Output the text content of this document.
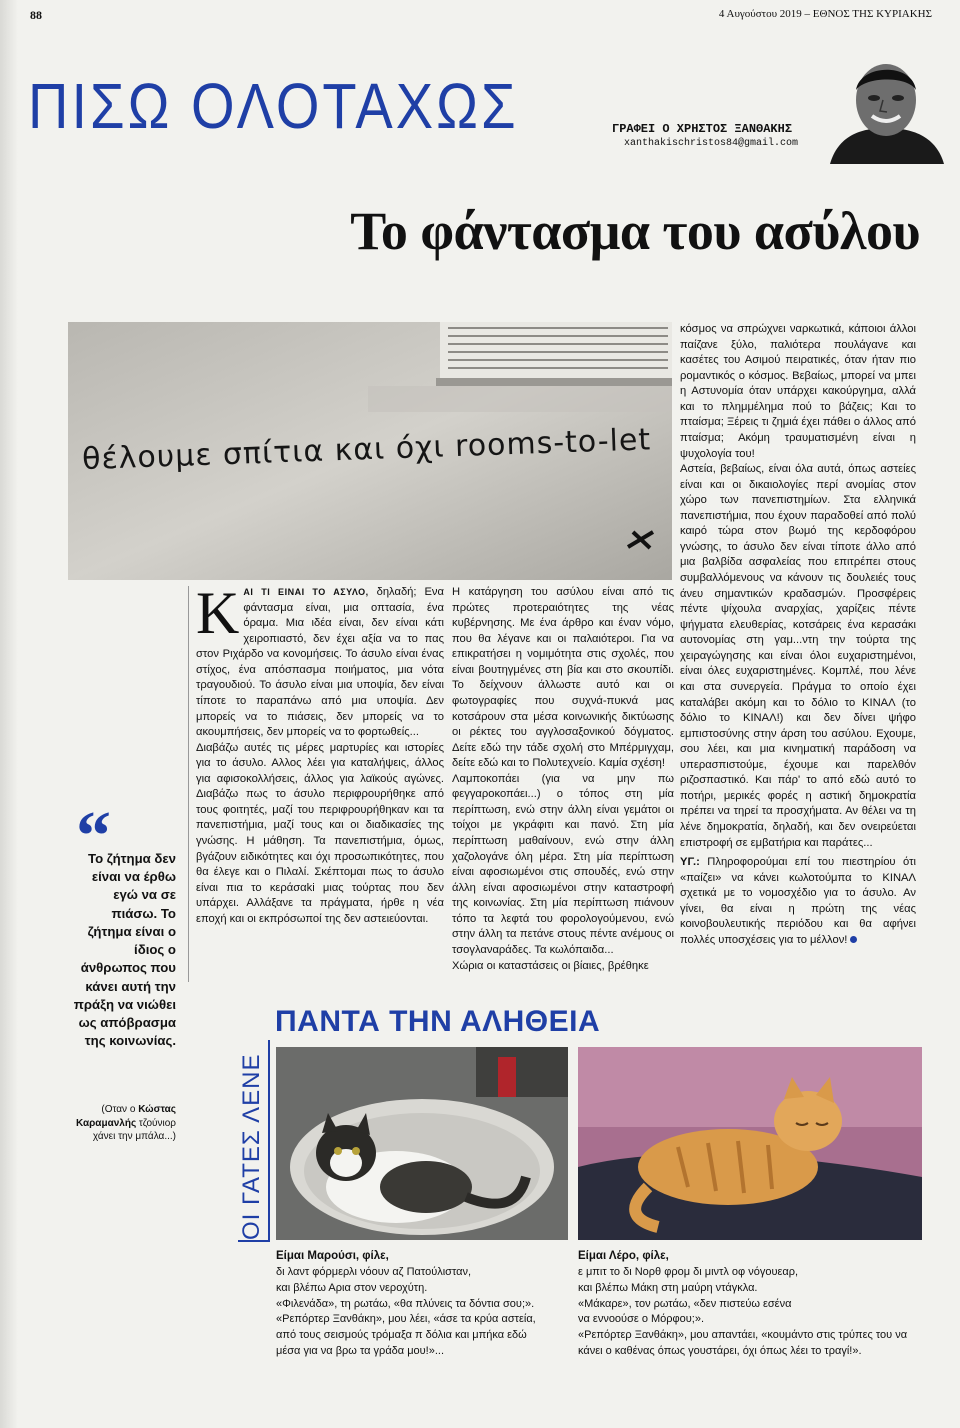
88	4 Αυγούστου 2019 – ΕΘΝΟΣ ΤΗΣ ΚΥΡΙΑΚΗΣ
ΠΙΣΩ ΟΛΟΤΑΧΩΣ	ΓΡΑΦΕΙ Ο ΧΡΗΣΤΟΣ ΞΑΝΘΑΚΗΣ
xanthakischristos84@gmail.com
Το φάντασμα του ασύλου
θέλουμε σπίτια και όχι rooms-to-let
“
Το ζήτημα δεν είναι να έρθω εγώ να σε πιάσω. Το ζήτημα είναι ο ίδιος ο άνθρωπος που κάνει αυτή την πράξη να νιώθει ως απόβρασμα της κοινωνίας.
(Οταν ο Κώστας Καραμανλής τζούνιορ χάνει την μπάλα...)

ΚΑΙ ΤΙ ΕΙΝΑΙ ΤΟ ΑΣΥΛΟ, δηλαδή; Ενα φάντασμα είναι, μια οπτασία, ένα όραμα. Μια ιδέα είναι, δεν είναι κάτι χειροπιαστό, δεν έχει αξία να το πας στον Ριχάρδο να κονομήσεις. Το άσυλο είναι ένας στίχος, ένα απόσπασμα ποιήματος, μια νότα τραγουδιού. Το άσυλο είναι μια υποψία, δεν είναι τίποτε το παραπάνω από μια υποψία. Δεν μπορείς να το πιάσεις, δεν μπορείς να το ακουμπήσεις, δεν μπορείς να το φορτωθείς...

Διαβάζω αυτές τις μέρες μαρτυρίες και ιστορίες για το άσυλο. Αλλος λέει για καταλήψεις, άλλος για αφισοκολλήσεις, άλλος για λαϊκούς αγώνες. Διαβάζω πως το άσυλο περιφρουρήθηκε από τους φοιτητές, μαζί του περιφρουρήθηκαν και τα πανεπιστήμια, μαζί τους και οι διαδικασίες της γνώσης. Η μάθηση. Τα πανεπιστήμια, όμως, βγάζουν ειδικότητες και όχι προσωπικότητες, που θα έλεγε και ο Πιλαλί. Σκέπτομαι πως το άσυλο είναι πια το κεράσαki μιας τούρτας που δεν υπάρχει. Αλλάξανε τα πράγματα, ήρθε η νέα εποχή και οι εκπρόσωποί της δεν αστειεύονται.

Η κατάργηση του ασύλου είναι από τις πρώτες προτεραιότητες της νέας κυβέρνησης. Με ένα άρθρο και έναν νόμο, που θα λέγανε και οι παλαιότεροι. Για να επικρατήσει η νομιμότητα στις σχολές, που είναι βουτηγμένες στη βία και στο σκουπίδι. Το δείχνουν άλλωστε αυτό και οι φωτογραφίες που συχνά-πυκνά μας κοτσάρουν στα μέσα κοινωνικής δικτύωσης οι ρέκτες του αγγλοσαξονικού δόγματος. Δείτε εδώ την τάδε σχολή στο Μπέρμιγχαμ, δείτε εδώ και το Πολυτεχνείο. Καμία σχέση!

Λαμποκοπάει (για να μην πω φεγγαροκοπάει...) ο τόπος στη μία περίπτωση, ενώ στην άλλη είναι γεμάτοι οι τοίχοι με γκράφιτι και πανό. Στη μία περίπτωση μαθαίνουν, ενώ στην άλλη χαζολογάνε όλη μέρα. Στη μία περίπτωση είναι αφοσιωμένοι στις σπουδές, ενώ στην άλλη είναι αφοσιωμένοι στην καταστροφή της κοινωνίας. Στη μία περίπτωση πιάνουν τόπο τα λεφτά του φορολογούμενου, ενώ στην άλλη τα πετάνε στους πέντε ανέμους οι τσογλαναράδες. Τα κωλόπαιδα...

Χώρια οι καταστάσεις οι βίαιες, βρέθηκε

κόσμος να σπρώχνει ναρκωτικά, κάποιοι άλλοι παίζανε ξύλο, παλιότερα πουλάγανε και κασέτες του Ασιμού πειρατικές, όταν ήταν πιο ρομαντικός ο κόσμος. Βεβαίως, μπορεί να μπει η Αστυνομία όταν υπάρχει κακούργημα, αλλά και το πλημμέλημα πού το βάζεις; Και το πταίσμα; Ξέρεις τι ζημιά έχει πάθει ο άλλος από πταίσμα; Ακόμη τραυματισμένη είναι η ψυχολογία του!

Αστεία, βεβαίως, είναι όλα αυτά, όπως αστείες είναι και οι δικαιολογίες περί ανομίας στον χώρο των πανεπιστημίων. Στα ελληνικά πανεπιστήμια, που έχουν παραδοθεί από πολύ καιρό τώρα στον βωμό της κερδοφόρου γνώσης, το άσυλο δεν είναι τίποτε άλλο από μια βαλβίδα ασφαλείας που επιτρέπει στους συμβαλλόμενους να κάνουν τις δουλειές τους άνευ σημαντικών κραδασμών. Προσφέρεις πέντε ψίχουλα αναρχίας, χαρίζεις πέντε ψήγματα ελευθερίας, κοτσάρεις ένα κερασάκι αυτονομίας στη γαμ...ντη την τούρτα της χειραγώγησης και είναι όλοι ευχαριστημένοι, είναι όλες ευχαριστημένες. Κομπλέ, που λένε και στα συνεργεία. Πράγμα το οποίο έχει καταλάβει ακόμη και το δόλιο το ΚΙΝΑΛ (το δόλιο το ΚΙΝΑΛ!) και δεν δίνει ψήφο εμπιστοσύνης στην άρση του ασύλου. Εχουμε, σου λέει, και μια κινηματική παράδοση να υπερασπιστούμε, έχουμε και παρελθόν ριζοσπαστικό. Και πάρ' το από εδώ αυτό το ποτήρι, μερικές φορές η αστική δημοκρατία πρέπει να τηρεί τα προσχήματα. Αν θέλει να τη λένε δημοκρατία, δηλαδή, και δεν ονειρεύεται επιστροφή σε εμβατήρια και παράτες...

ΥΓ.: Πληροφορούμαι επί του πιεστηρίου ότι «παίζει» να κάνει κωλοτούμπα το ΚΙΝΑΛ σχετικά με το νομοσχέδιο για το άσυλο. Αν γίνει, θα είναι η πρώτη της νέας κοινοβουλευτικής περιόδου και θα αφήνει πολλές υποσχέσεις για το μέλλον!

ΟΙ ΓΑΤΕΣ ΛΕΝΕ
ΠΑΝΤΑ ΤΗΝ ΑΛΗΘΕΙΑ
Είμαι Μαρούσι, φίλε,
δι λαντ φόρμερλι νόουν αζ Πατούλισταν,
και βλέπω Αρια στον νεροχύτη.
«Φιλενάδα», τη ρωτάω, «θα πλύνεις τα δόντια σου;».
«Ρεπόρτερ Ξανθάκη», μου λέει, «άσε τα κρύα αστεία,
από τους σεισμούς τρόμαξα π δόλια και μπήκα εδώ
μέσα για να βρω τα γράδα μου!»...
Είμαι Λέρο, φίλε,
ε μπιτ το δι Νορθ φρομ δι μιντλ οφ νόγουεαρ,
και βλέπω Μάκη στη μαύρη ντάγκλα.
«Μάκαρε», τον ρωτάω, «δεν πιστεύω εσένα
να εννοούσε ο Μόρφου;».
«Ρεπόρτερ Ξανθάκη», μου απαντάει, «κουμάντο στις τρύπες του να
κάνει ο καθένας όπως γουστάρει, όχι όπως λέει το τραγί!».
